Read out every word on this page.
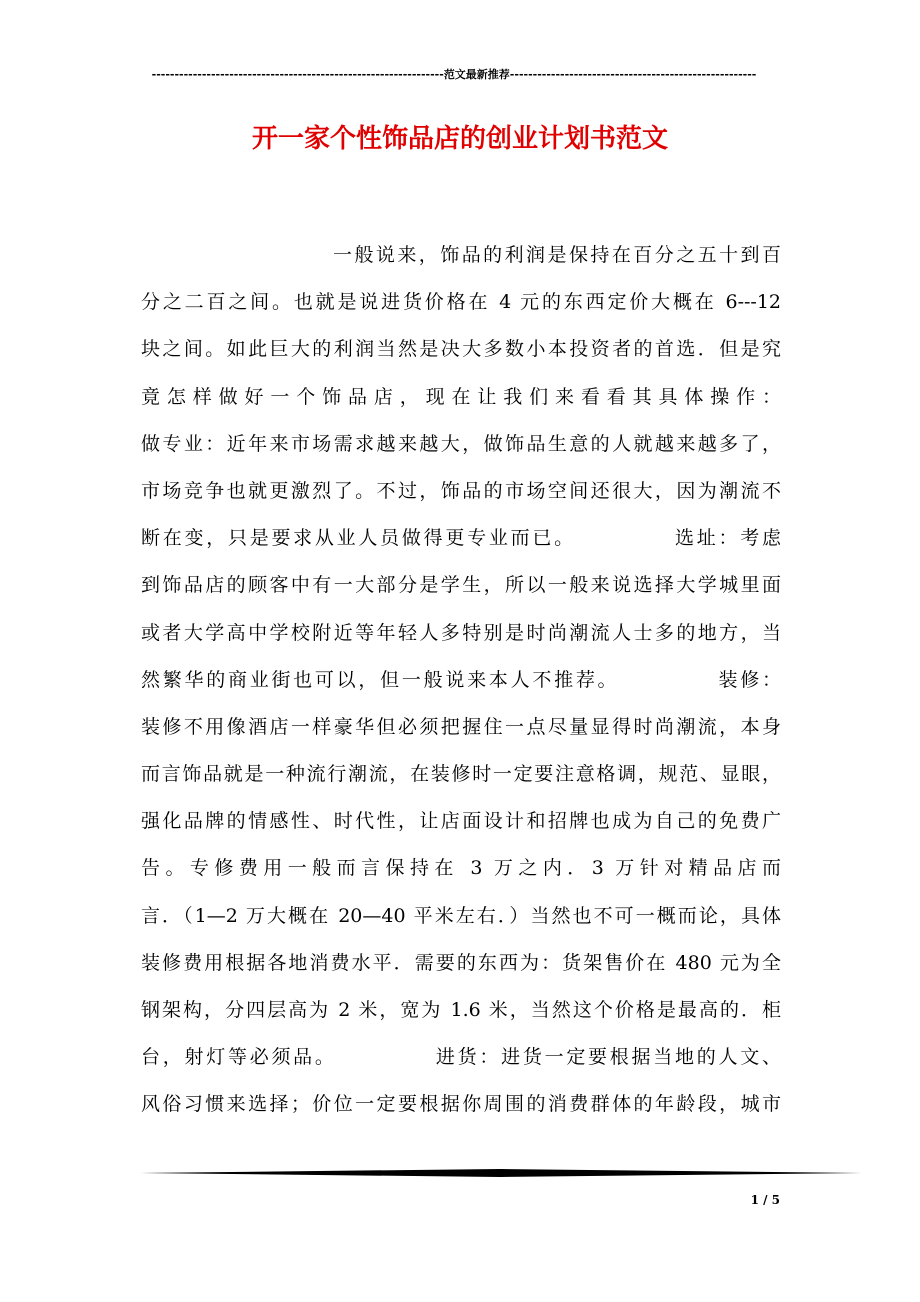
----------------------------------------------------------------范文最新推荐------------------------------------------------------
开一家个性饰品店的创业计划书范文
一般说来，饰品的利润是保持在百分之五十到百
分之二百之间。也就是说进货价格在 4 元的东西定价大概在 6---12
块之间。如此巨大的利润当然是决大多数小本投资者的首选．但是究
竟怎样做好一个饰品店，现在让我们来看看其具体操作：
做专业：近年来市场需求越来越大，做饰品生意的人就越来越多了，
市场竞争也就更激烈了。不过，饰品的市场空间还很大，因为潮流不
断在变，只是要求从业人员做得更专业而已。　　　　　选址：考虑
到饰品店的顾客中有一大部分是学生，所以一般来说选择大学城里面
或者大学高中学校附近等年轻人多特别是时尚潮流人士多的地方，当
然繁华的商业街也可以，但一般说来本人不推荐。　　　　　装修：
装修不用像酒店一样豪华但必须把握住一点尽量显得时尚潮流，本身
而言饰品就是一种流行潮流，在装修时一定要注意格调，规范、显眼，
强化品牌的情感性、时代性，让店面设计和招牌也成为自己的免费广
告。专修费用一般而言保持在 3 万之内．3 万针对精品店而
言．（1—2 万大概在 20—40 平米左右．）当然也不可一概而论，具体
装修费用根据各地消费水平．需要的东西为：货架售价在 480 元为全
钢架构，分四层高为 2 米，宽为 1.6 米，当然这个价格是最高的．柜
台，射灯等必须品。　　　　　进货：进货一定要根据当地的人文、
风俗习惯来选择；价位一定要根据你周围的消费群体的年龄段，城市
1 / 5
